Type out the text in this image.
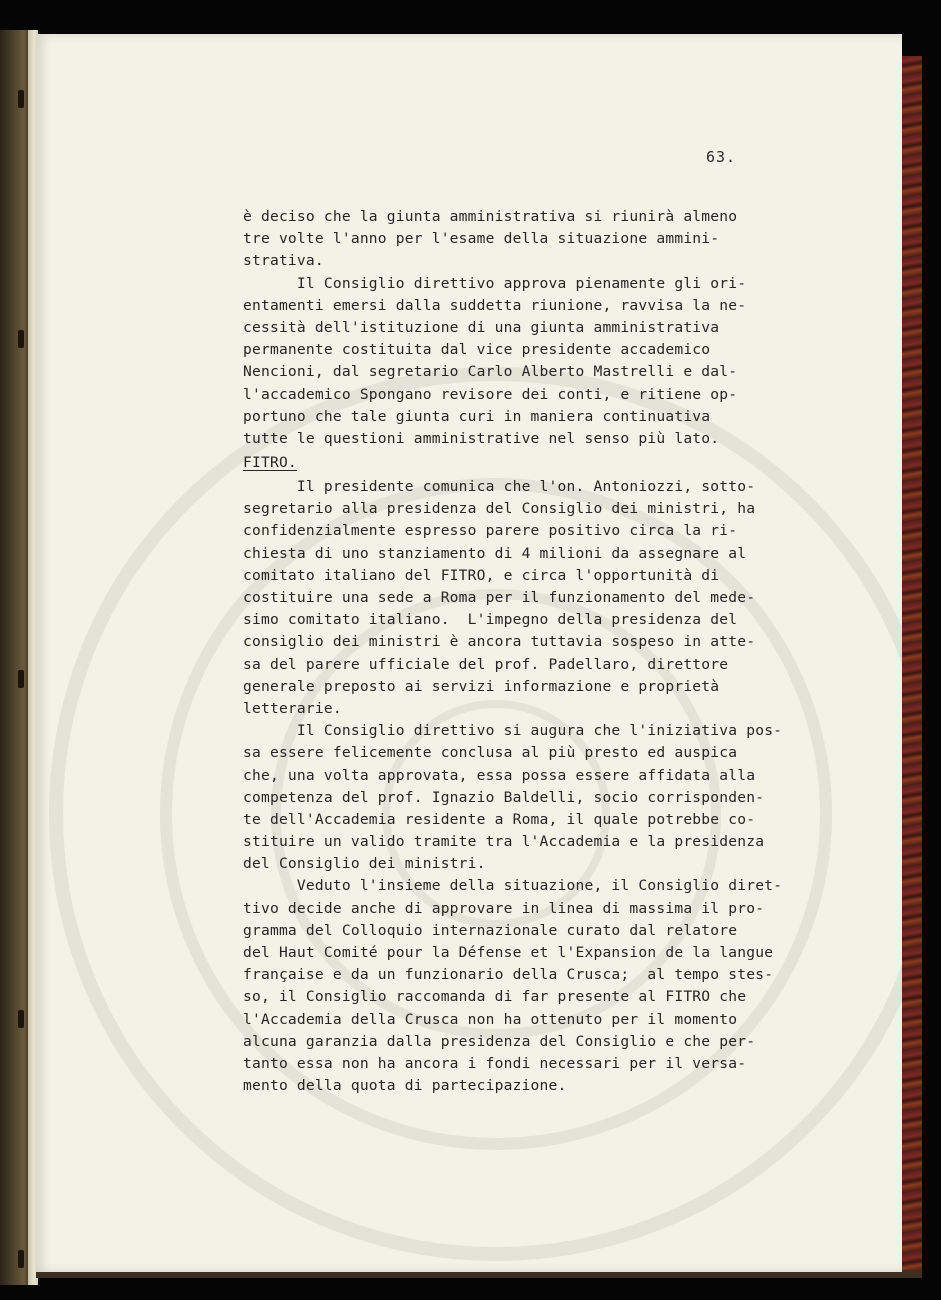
63.
è deciso che la giunta amministrativa si riunirà almeno
tre volte l'anno per l'esame della situazione ammini-
strativa.
Il Consiglio direttivo approva pienamente gli ori-
entamenti emersi dalla suddetta riunione, ravvisa la ne-
cessità dell'istituzione di una giunta amministrativa
permanente costituita dal vice presidente accademico
Nencioni, dal segretario Carlo Alberto Mastrelli e dal-
l'accademico Spongano revisore dei conti, e ritiene op-
portuno che tale giunta curi in maniera continuativa
tutte le questioni amministrative nel senso più lato.
FITRO.
Il presidente comunica che l'on. Antoniozzi, sotto-
segretario alla presidenza del Consiglio dei ministri, ha
confidenzialmente espresso parere positivo circa la ri-
chiesta di uno stanziamento di 4 milioni da assegnare al
comitato italiano del FITRO, e circa l'opportunità di
costituire una sede a Roma per il funzionamento del mede-
simo comitato italiano.  L'impegno della presidenza del
consiglio dei ministri è ancora tuttavia sospeso in atte-
sa del parere ufficiale del prof. Padellaro, direttore
generale preposto ai servizi informazione e proprietà
letterarie.
Il Consiglio direttivo si augura che l'iniziativa pos-
sa essere felicemente conclusa al più presto ed auspica
che, una volta approvata, essa possa essere affidata alla
competenza del prof. Ignazio Baldelli, socio corrisponden-
te dell'Accademia residente a Roma, il quale potrebbe co-
stituire un valido tramite tra l'Accademia e la presidenza
del Consiglio dei ministri.
Veduto l'insieme della situazione, il Consiglio diret-
tivo decide anche di approvare in linea di massima il pro-
gramma del Colloquio internazionale curato dal relatore
del Haut Comité pour la Défense et l'Expansion de la langue
française e da un funzionario della Crusca;  al tempo stes-
so, il Consiglio raccomanda di far presente al FITRO che
l'Accademia della Crusca non ha ottenuto per il momento
alcuna garanzia dalla presidenza del Consiglio e che per-
tanto essa non ha ancora i fondi necessari per il versa-
mento della quota di partecipazione.
